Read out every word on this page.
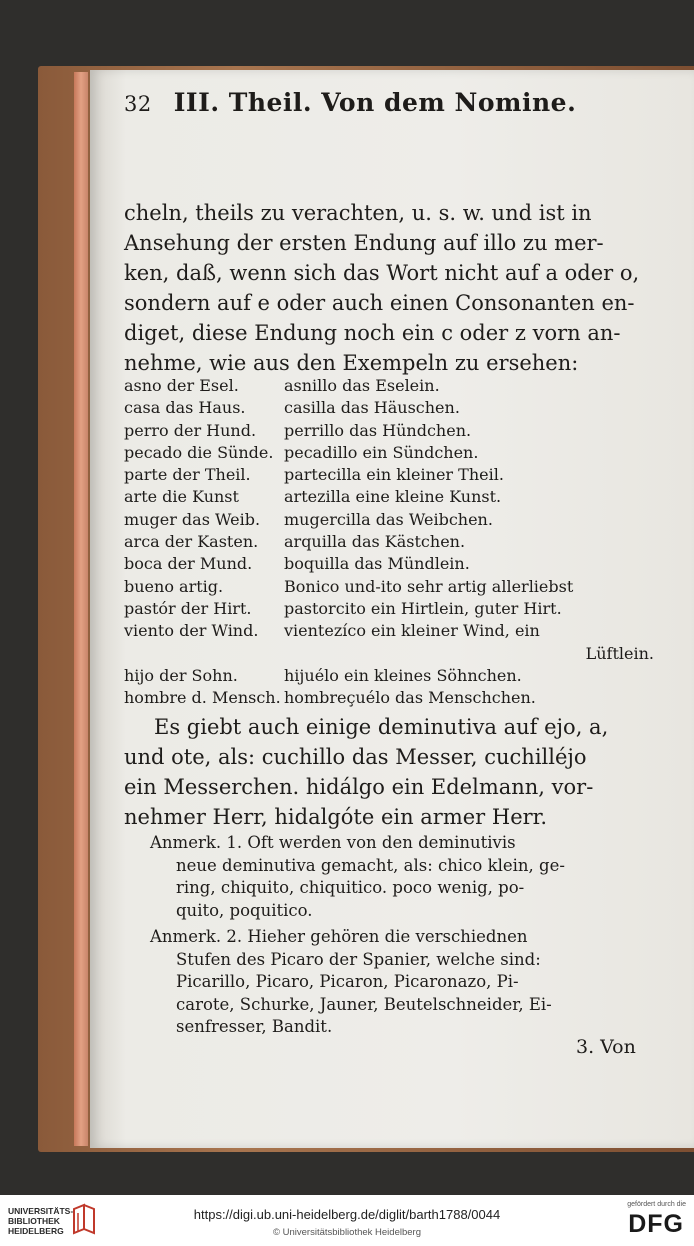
32 III. Theil. Von dem Nomine.
cheln, theils zu verachten, u. s. w. und ist in
Ansehung der ersten Endung auf illo zu mer-
ken, daß, wenn sich das Wort nicht auf a oder o,
sondern auf e oder auch einen Consonanten en-
diget, diese Endung noch ein c oder z vorn an-
nehme, wie aus den Exempeln zu ersehen:
asno der Esel.	asnillo das Eselein.
casa das Haus. casilla das Häuschen.
perro der Hund. perrillo das Hündchen.
pecado die Sünde. pecadillo ein Sündchen.
parte der Theil. partecilla ein kleiner Theil.
arte die Kunst	artezilla eine kleine Kunst.
muger das Weib. mugercilla das Weibchen.
arca der Kasten. arquilla das Kästchen.
boca der Mund. boquilla das Mündlein.
bueno artig.	Bonico und-ito sehr artig allerliebst
pastór der Hirt. pastorcito ein Hirtlein, guter Hirt.
viento der Wind. vientezíco ein kleiner Wind, ein
Lüftlein.
hijo der Sohn.	hijuélo ein kleines Söhnchen.
hombre d. Mensch. hombreçuélo das Menschchen.
Es giebt auch einige deminutiva auf ejo, a,
und ote, als: cuchillo das Messer, cuchilléjo
ein Messerchen. hidálgo ein Edelmann, vor-
nehmer Herr, hidalgóte ein armer Herr.
Anmerk. 1. Oft werden von den deminutivis
neue deminutiva gemacht, als: chico klein, ge-
ring, chiquito, chiquitico. poco wenig, po-
quito, poquitico.
Anmerk. 2. Hieher gehören die verschiednen
Stufen des Picaro der Spanier, welche sind:
Picarillo, Picaro, Picaron, Picaronazo, Pi-
carote, Schurke, Jauner, Beutelschneider, Ei-
senfresser, Bandit.
3. Von
UNIVERSITÄTS-
BIBLIOTHEK
HEIDELBERG
https://digi.ub.uni-heidelberg.de/diglit/barth1788/0044
© Universitätsbibliothek Heidelberg
gefördert durch die
DFG
